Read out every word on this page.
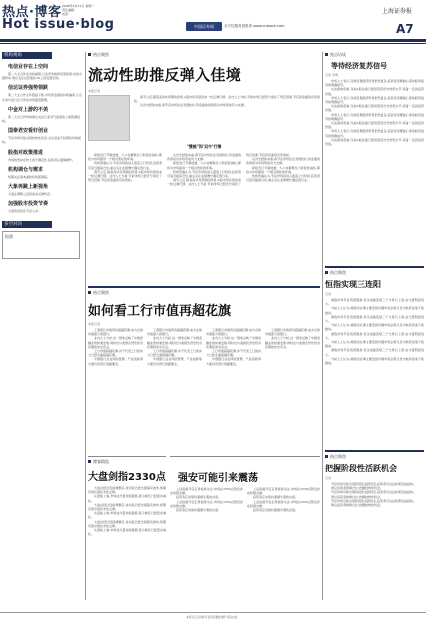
热点·博客
Hot issue·blog
2008年2月11日 星期一
责任编辑:
电话:
中国证券网	全方位服务投资者 www.cnstock.com
上海证券报
A7
机构视角
电信业存在上空间
第二大全合作业务将重组,行业竞争格局有望改善,首选中国移动,建议关注运营商在3G上的发展空间。
信达证券强势领跌
第二大全合作全年股指下挫,市场资金面将持续偏紧,大宗交易与发行压力带动市场震荡整理。
中金对上游的不美
第二大全合作机构建议关注行业景气度高的上游资源板块。
国泰君安看好创业
节后市场可能出现结构性机会,关注受益于政策扶持的板块。
股指对政策推进
市场依然存在较大的不确定性,投资者应谨慎操作。
机构调仓与需求
短期关注基本面较好的蓝筹股。
大象再跳上新视角
大盘在调整之后将迎来反弹机会。
加强股市投资节奏
大量资金将在节后入市。
多空对决
投票
热点聚焦
流动性助推反弹入佳境
本报记者

春节之后,随着流动性预期的改善,A股市场有望迎来一轮反弹行情。业内人士分析,节前市场已经充分消化了利空因素,节后资金面将有所宽松。

从历史经验来看,春节后市场往往表现较好,资金面的改善将对市场形成有力支撑。

"慢熊"和'双牛'行情

新股发行节奏放缓、大小非解禁压力阶段性减轻,都将为市场提供一个相对宽松的环境。

机构普遍认为,节后市场将进入震荡上行阶段,投资者可适当提高仓位,重点关注业绩增长确定的行业。

春节之后,随着流动性预期的改善,A股市场有望迎来一轮反弹行情。业内人士分析,节前市场已经充分消化了利空因素,节后资金面将有所宽松。

从历史经验来看,春节后市场往往表现较好,资金面的改善将对市场形成有力支撑。

新股发行节奏放缓、大小非解禁压力阶段性减轻,都将为市场提供一个相对宽松的环境。

机构普遍认为,节后市场将进入震荡上行阶段,投资者可适当提高仓位,重点关注业绩增长确定的行业。

春节之后,随着流动性预期的改善,A股市场有望迎来一轮反弹行情。业内人士分析,节前市场已经充分消化了利空因素,节后资金面将有所宽松。

从历史经验来看,春节后市场往往表现较好,资金面的改善将对市场形成有力支撑。

新股发行节奏放缓、大小非解禁压力阶段性减轻,都将为市场提供一个相对宽松的环境。

机构普遍认为,节后市场将进入震荡上行阶段,投资者可适当提高仓位,重点关注业绩增长确定的行业。

焦点访谈
等待经济复苏信号
记者 李明

市场人士表示,目前宏观经济形势依然复杂,投资者需要耐心等待经济复苏的明确信号。

从估值角度看,当前A股估值已经回落至历史较低水平,具备一定的投资价值。

市场人士表示,目前宏观经济形势依然复杂,投资者需要耐心等待经济复苏的明确信号。

从估值角度看,当前A股估值已经回落至历史较低水平,具备一定的投资价值。

市场人士表示,目前宏观经济形势依然复杂,投资者需要耐心等待经济复苏的明确信号。

从估值角度看,当前A股估值已经回落至历史较低水平,具备一定的投资价值。

市场人士表示,目前宏观经济形势依然复杂,投资者需要耐心等待经济复苏的明确信号。

从估值角度看,当前A股估值已经回落至历史较低水平,具备一定的投资价值。

热点聚焦
如何看工行市值再超花旗
本报记者

工商银行市值再次超越花旗,成为全球市值最大的银行。

业内人士分析,这一现象反映了中国金融业的快速发展,同时也与美国次贷危机对花旗的冲击有关。

工行市值超越花旗,并不代表工行的实力已经全面超越花旗。

中国银行业在风险管理、产品创新等方面仍有很长的路要走。

工商银行市值再次超越花旗,成为全球市值最大的银行。

业内人士分析,这一现象反映了中国金融业的快速发展,同时也与美国次贷危机对花旗的冲击有关。

工行市值超越花旗,并不代表工行的实力已经全面超越花旗。

中国银行业在风险管理、产品创新等方面仍有很长的路要走。

工商银行市值再次超越花旗,成为全球市值最大的银行。

业内人士分析,这一现象反映了中国金融业的快速发展,同时也与美国次贷危机对花旗的冲击有关。

工行市值超越花旗,并不代表工行的实力已经全面超越花旗。

中国银行业在风险管理、产品创新等方面仍有很长的路要走。

工商银行市值再次超越花旗,成为全球市值最大的银行。

业内人士分析,这一现象反映了中国金融业的快速发展,同时也与美国次贷危机对花旗的冲击有关。

热点聚焦
恒指实现三连阳
记者

港股市场节后表现强劲,恒生指数连续三个交易日上涨,成交量明显放大。

分析人士认为,港股的反弹主要受到外围市场企稳以及内地资金南下的推动。

港股市场节后表现强劲,恒生指数连续三个交易日上涨,成交量明显放大。

分析人士认为,港股的反弹主要受到外围市场企稳以及内地资金南下的推动。

港股市场节后表现强劲,恒生指数连续三个交易日上涨,成交量明显放大。

分析人士认为,港股的反弹主要受到外围市场企稳以及内地资金南下的推动。

港股市场节后表现强劲,恒生指数连续三个交易日上涨,成交量明显放大。

分析人士认为,港股的反弹主要受到外围市场企稳以及内地资金南下的推动。

博客精选
大盘剑指2330点

大盘在经过连续调整后,技术面已经出现超卖迹象,短期有望出现技术性反弹。

从量能上看,市场成交量持续萎缩,显示抛压已经逐步减轻。

大盘在经过连续调整后,技术面已经出现超卖迹象,短期有望出现技术性反弹。

从量能上看,市场成交量持续萎缩,显示抛压已经逐步减轻。

大盘在经过连续调整后,技术面已经出现超卖迹象,短期有望出现技术性反弹。

从量能上看,市场成交量持续萎缩,显示抛压已经逐步减轻。

强安可能引来震荡

上证指数节后走势值得关注,市场在2330点附近存在较强支撑。

投资者应该保持谨慎乐观的态度。

上证指数节后走势值得关注,市场在2330点附近存在较强支撑。

投资者应该保持谨慎乐观的态度。

上证指数节后走势值得关注,市场在2330点附近存在较强支撑。

投资者应该保持谨慎乐观的态度。

上证指数节后走势值得关注,市场在2330点附近存在较强支撑。

投资者应该保持谨慎乐观的态度。

热点聚焦
把握阶段性活跃机会
记者

节后市场可能出现阶段性活跃机会,投资者可关注政策受益板块。

建议投资者控制仓位,把握结构性机会。

节后市场可能出现阶段性活跃机会,投资者可关注政策受益板块。

建议投资者控制仓位,把握结构性机会。

节后市场可能出现阶段性活跃机会,投资者可关注政策受益板块。

建议投资者控制仓位,把握结构性机会。

本版文章仅供参考,投资者据此操作,风险自担。
